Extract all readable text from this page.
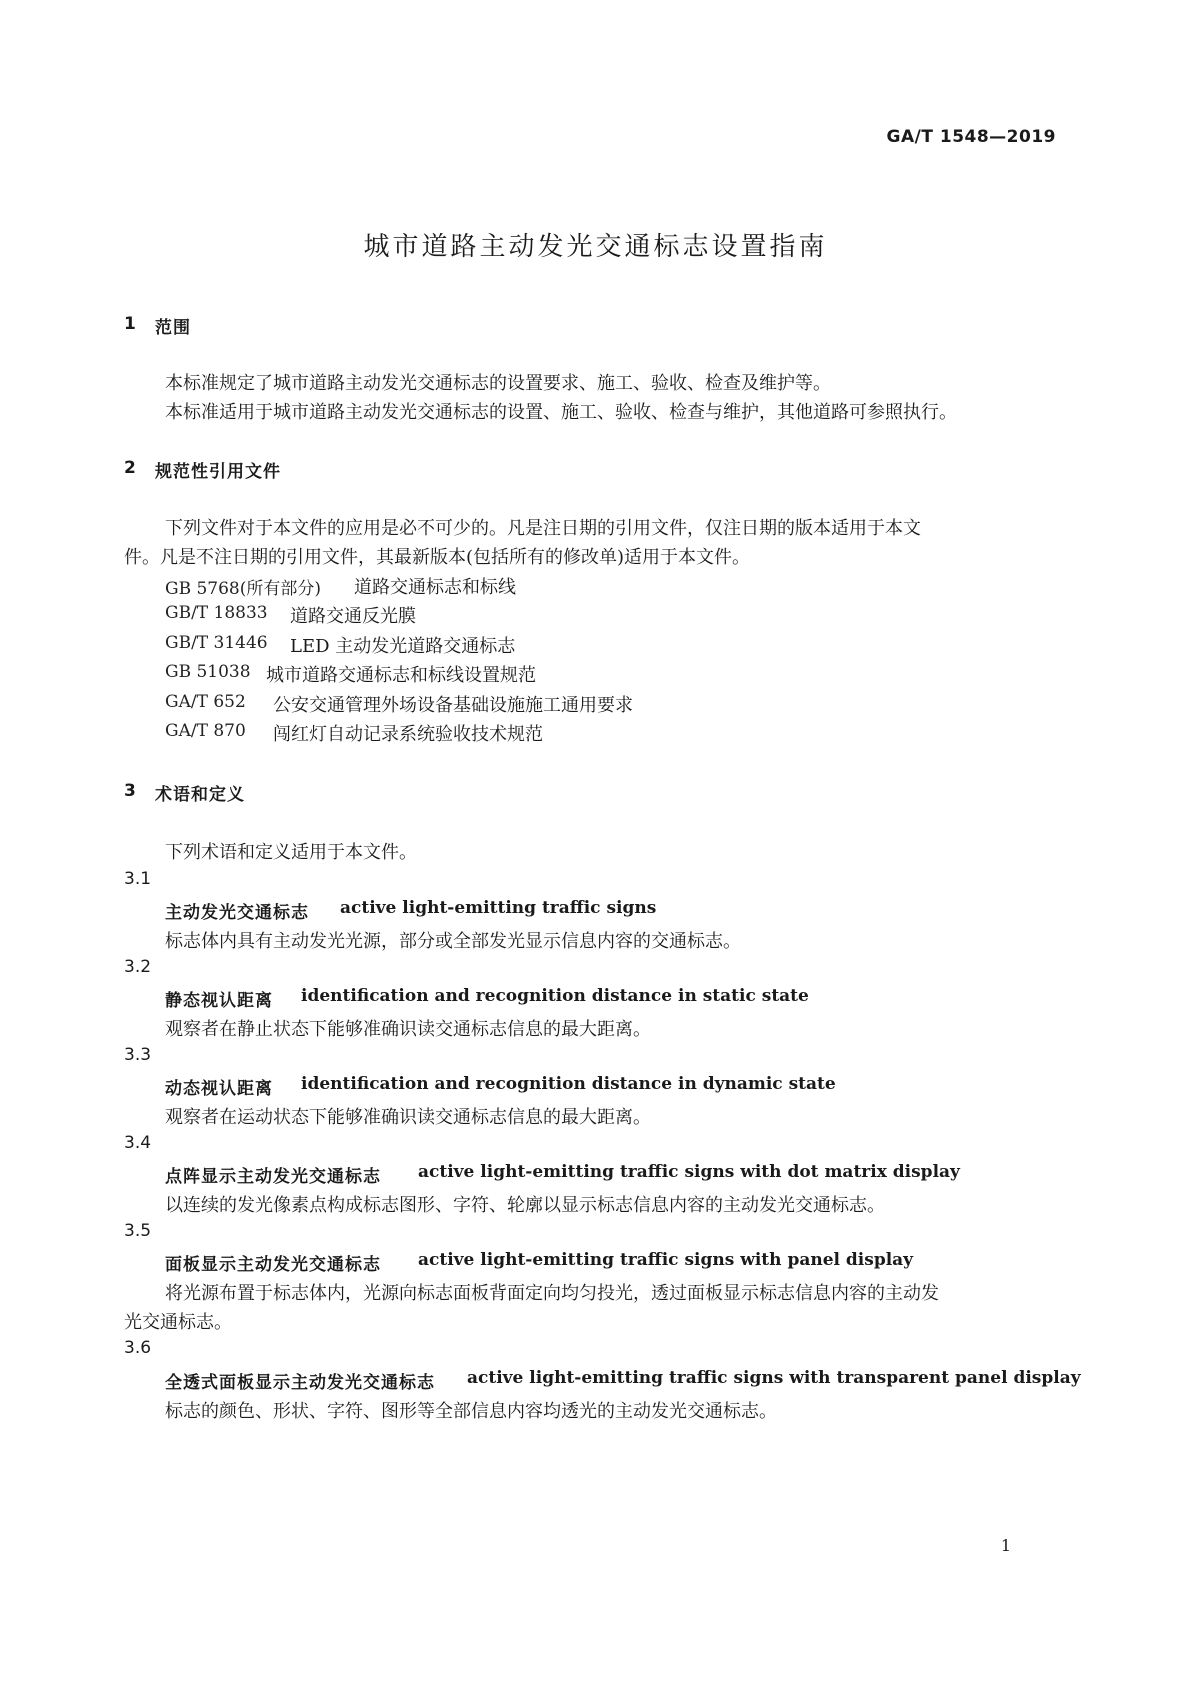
GA/T 1548—2019
城市道路主动发光交通标志设置指南
1 范围
本标准规定了城市道路主动发光交通标志的设置要求、施工、验收、检查及维护等。
本标准适用于城市道路主动发光交通标志的设置、施工、验收、检查与维护，其他道路可参照执行。
2 规范性引用文件
下列文件对于本文件的应用是必不可少的。凡是注日期的引用文件，仅注日期的版本适用于本文
件。凡是不注日期的引用文件，其最新版本(包括所有的修改单)适用于本文件。
GB 5768(所有部分) 道路交通标志和标线
GB/T 18833 道路交通反光膜
GB/T 31446 LED 主动发光道路交通标志
GB 51038 城市道路交通标志和标线设置规范
GA/T 652 公安交通管理外场设备基础设施施工通用要求
GA/T 870 闯红灯自动记录系统验收技术规范
3 术语和定义
下列术语和定义适用于本文件。
3.1
主动发光交通标志 active light-emitting traffic signs
标志体内具有主动发光光源，部分或全部发光显示信息内容的交通标志。
3.2
静态视认距离 identification and recognition distance in static state
观察者在静止状态下能够准确识读交通标志信息的最大距离。
3.3
动态视认距离 identification and recognition distance in dynamic state
观察者在运动状态下能够准确识读交通标志信息的最大距离。
3.4
点阵显示主动发光交通标志 active light-emitting traffic signs with dot matrix display
以连续的发光像素点构成标志图形、字符、轮廓以显示标志信息内容的主动发光交通标志。
3.5
面板显示主动发光交通标志 active light-emitting traffic signs with panel display
将光源布置于标志体内，光源向标志面板背面定向均匀投光，透过面板显示标志信息内容的主动发
光交通标志。
3.6
全透式面板显示主动发光交通标志 active light-emitting traffic signs with transparent panel display
标志的颜色、形状、字符、图形等全部信息内容均透光的主动发光交通标志。
1
